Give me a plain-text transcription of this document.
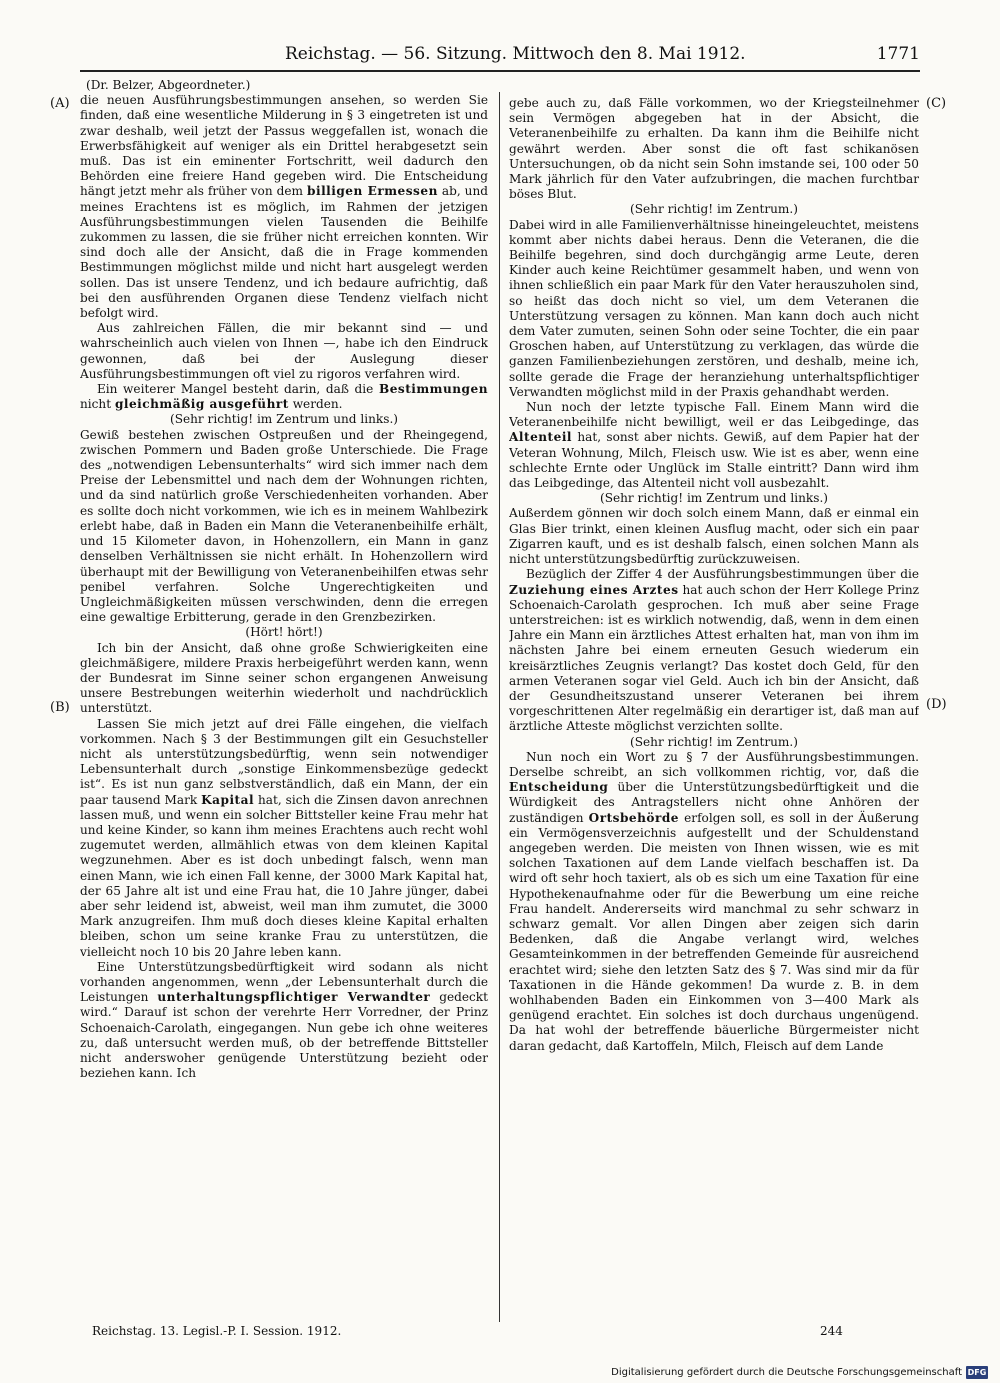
Reichstag. — 56. Sitzung. Mittwoch den 8. Mai 1912.	1771
(A)
(B)
(C)
(D)
(Dr. Belzer, Abgeordneter.)

die neuen Ausführungsbestimmungen ansehen, so werden Sie finden, daß eine wesentliche Milderung in § 3 eingetreten ist und zwar deshalb, weil jetzt der Passus weggefallen ist, wonach die Erwerbsfähigkeit auf weniger als ein Drittel herabgesetzt sein muß. Das ist ein eminenter Fortschritt, weil dadurch den Behörden eine freiere Hand gegeben wird. Die Entscheidung hängt jetzt mehr als früher von dem billigen Ermessen ab, und meines Erachtens ist es möglich, im Rahmen der jetzigen Ausführungsbestimmungen vielen Tausenden die Beihilfe zukommen zu lassen, die sie früher nicht erreichen konnten. Wir sind doch alle der Ansicht, daß die in Frage kommenden Bestimmungen möglichst milde und nicht hart ausgelegt werden sollen. Das ist unsere Tendenz, und ich bedaure aufrichtig, daß bei den ausführenden Organen diese Tendenz vielfach nicht befolgt wird.

Aus zahlreichen Fällen, die mir bekannt sind — und wahrscheinlich auch vielen von Ihnen —, habe ich den Eindruck gewonnen, daß bei der Auslegung dieser Ausführungsbestimmungen oft viel zu rigoros verfahren wird.

Ein weiterer Mangel besteht darin, daß die Bestimmungen nicht gleichmäßig ausgeführt werden.

(Sehr richtig! im Zentrum und links.)

Gewiß bestehen zwischen Ostpreußen und der Rheingegend, zwischen Pommern und Baden große Unterschiede. Die Frage des „notwendigen Lebensunterhalts“ wird sich immer nach dem Preise der Lebensmittel und nach dem der Wohnungen richten, und da sind natürlich große Verschiedenheiten vorhanden. Aber es sollte doch nicht vorkommen, wie ich es in meinem Wahlbezirk erlebt habe, daß in Baden ein Mann die Veteranenbeihilfe erhält, und 15 Kilometer davon, in Hohenzollern, ein Mann in ganz denselben Verhältnissen sie nicht erhält. In Hohenzollern wird überhaupt mit der Bewilligung von Veteranenbeihilfen etwas sehr penibel verfahren. Solche Ungerechtigkeiten und Ungleichmäßigkeiten müssen verschwinden, denn die erregen eine gewaltige Erbitterung, gerade in den Grenzbezirken.

(Hört! hört!)

Ich bin der Ansicht, daß ohne große Schwierigkeiten eine gleichmäßigere, mildere Praxis herbeigeführt werden kann, wenn der Bundesrat im Sinne seiner schon ergangenen Anweisung unsere Bestrebungen weiterhin wiederholt und nachdrücklich unterstützt.

Lassen Sie mich jetzt auf drei Fälle eingehen, die vielfach vorkommen. Nach § 3 der Bestimmungen gilt ein Gesuchsteller nicht als unterstützungsbedürftig, wenn sein notwendiger Lebensunterhalt durch „sonstige Einkommensbezüge gedeckt ist“. Es ist nun ganz selbstverständlich, daß ein Mann, der ein paar tausend Mark Kapital hat, sich die Zinsen davon anrechnen lassen muß, und wenn ein solcher Bittsteller keine Frau mehr hat und keine Kinder, so kann ihm meines Erachtens auch recht wohl zugemutet werden, allmählich etwas von dem kleinen Kapital wegzunehmen. Aber es ist doch unbedingt falsch, wenn man einen Mann, wie ich einen Fall kenne, der 3000 Mark Kapital hat, der 65 Jahre alt ist und eine Frau hat, die 10 Jahre jünger, dabei aber sehr leidend ist, abweist, weil man ihm zumutet, die 3000 Mark anzugreifen. Ihm muß doch dieses kleine Kapital erhalten bleiben, schon um seine kranke Frau zu unterstützen, die vielleicht noch 10 bis 20 Jahre leben kann.

Eine Unterstützungsbedürftigkeit wird sodann als nicht vorhanden angenommen, wenn „der Lebensunterhalt durch die Leistungen unterhaltungspflichtiger Verwandter gedeckt wird.“ Darauf ist schon der verehrte Herr Vorredner, der Prinz Schoenaich-Carolath, eingegangen. Nun gebe ich ohne weiteres zu, daß untersucht werden muß, ob der betreffende Bittsteller nicht anderswoher genügende Unterstützung bezieht oder beziehen kann. Ich

gebe auch zu, daß Fälle vorkommen, wo der Kriegsteilnehmer sein Vermögen abgegeben hat in der Absicht, die Veteranenbeihilfe zu erhalten. Da kann ihm die Beihilfe nicht gewährt werden. Aber sonst die oft fast schikanösen Untersuchungen, ob da nicht sein Sohn imstande sei, 100 oder 50 Mark jährlich für den Vater aufzubringen, die machen furchtbar böses Blut.

(Sehr richtig! im Zentrum.)

Dabei wird in alle Familienverhältnisse hineingeleuchtet, meistens kommt aber nichts dabei heraus. Denn die Veteranen, die die Beihilfe begehren, sind doch durchgängig arme Leute, deren Kinder auch keine Reichtümer gesammelt haben, und wenn von ihnen schließlich ein paar Mark für den Vater herauszuholen sind, so heißt das doch nicht so viel, um dem Veteranen die Unterstützung versagen zu können. Man kann doch auch nicht dem Vater zumuten, seinen Sohn oder seine Tochter, die ein paar Groschen haben, auf Unterstützung zu verklagen, das würde die ganzen Familienbeziehungen zerstören, und deshalb, meine ich, sollte gerade die Frage der heranziehung unterhaltspflichtiger Verwandten möglichst mild in der Praxis gehandhabt werden.

Nun noch der letzte typische Fall. Einem Mann wird die Veteranenbeihilfe nicht bewilligt, weil er das Leibgedinge, das Altenteil hat, sonst aber nichts. Gewiß, auf dem Papier hat der Veteran Wohnung, Milch, Fleisch usw. Wie ist es aber, wenn eine schlechte Ernte oder Unglück im Stalle eintritt? Dann wird ihm das Leibgedinge, das Altenteil nicht voll ausbezahlt.

(Sehr richtig! im Zentrum und links.)

Außerdem gönnen wir doch solch einem Mann, daß er einmal ein Glas Bier trinkt, einen kleinen Ausflug macht, oder sich ein paar Zigarren kauft, und es ist deshalb falsch, einen solchen Mann als nicht unterstützungsbedürftig zurückzuweisen.

Bezüglich der Ziffer 4 der Ausführungsbestimmungen über die Zuziehung eines Arztes hat auch schon der Herr Kollege Prinz Schoenaich-Carolath gesprochen. Ich muß aber seine Frage unterstreichen: ist es wirklich notwendig, daß, wenn in dem einen Jahre ein Mann ein ärztliches Attest erhalten hat, man von ihm im nächsten Jahre bei einem erneuten Gesuch wiederum ein kreisärztliches Zeugnis verlangt? Das kostet doch Geld, für den armen Veteranen sogar viel Geld. Auch ich bin der Ansicht, daß der Gesundheitszustand unserer Veteranen bei ihrem vorgeschrittenen Alter regelmäßig ein derartiger ist, daß man auf ärztliche Atteste möglichst verzichten sollte.

(Sehr richtig! im Zentrum.)

Nun noch ein Wort zu § 7 der Ausführungsbestimmungen. Derselbe schreibt, an sich vollkommen richtig, vor, daß die Entscheidung über die Unterstützungsbedürftigkeit und die Würdigkeit des Antragstellers nicht ohne Anhören der zuständigen Ortsbehörde erfolgen soll, es soll in der Äußerung ein Vermögensverzeichnis aufgestellt und der Schuldenstand angegeben werden. Die meisten von Ihnen wissen, wie es mit solchen Taxationen auf dem Lande vielfach beschaffen ist. Da wird oft sehr hoch taxiert, als ob es sich um eine Taxation für eine Hypothekenaufnahme oder für die Bewerbung um eine reiche Frau handelt. Andererseits wird manchmal zu sehr schwarz in schwarz gemalt. Vor allen Dingen aber zeigen sich darin Bedenken, daß die Angabe verlangt wird, welches Gesamteinkommen in der betreffenden Gemeinde für ausreichend erachtet wird; siehe den letzten Satz des § 7. Was sind mir da für Taxationen in die Hände gekommen! Da wurde z. B. in dem wohlhabenden Baden ein Einkommen von 3—400 Mark als genügend erachtet. Ein solches ist doch durchaus ungenügend. Da hat wohl der betreffende bäuerliche Bürgermeister nicht daran gedacht, daß Kartoffeln, Milch, Fleisch auf dem Lande

Reichstag. 13. Legisl.-P. I. Session. 1912.	244
Digitalisierung gefördert durch die Deutsche Forschungsgemeinschaft DFG
